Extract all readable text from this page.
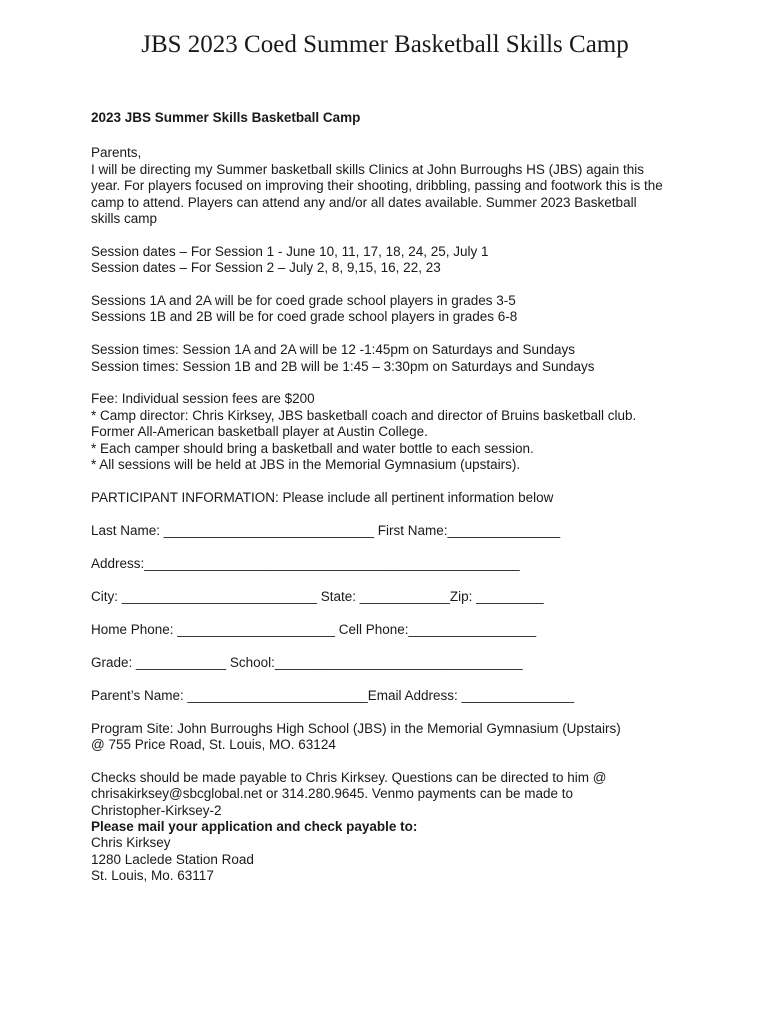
JBS 2023 Coed Summer Basketball Skills Camp

2023 JBS Summer Skills Basketball Camp

Parents,
I will be directing my Summer basketball skills Clinics at John Burroughs HS (JBS) again this
year. For players focused on improving their shooting, dribbling, passing and footwork this is the
camp to attend. Players can attend any and/or all dates available. Summer 2023 Basketball
skills camp

Session dates – For Session 1 - June 10, 11, 17, 18, 24, 25, July 1
Session dates – For Session 2 – July 2, 8, 9,15, 16, 22, 23

Sessions 1A and 2A will be for coed grade school players in grades 3-5
Sessions 1B and 2B will be for coed grade school players in grades 6-8

Session times: Session 1A and 2A will be 12 -1:45pm on Saturdays and Sundays
Session times: Session 1B and 2B will be 1:45 – 3:30pm on Saturdays and Sundays

Fee: Individual session fees are $200
* Camp director: Chris Kirksey, JBS basketball coach and director of Bruins basketball club.
Former All-American basketball player at Austin College.
* Each camper should bring a basketball and water bottle to each session.
* All sessions will be held at JBS in the Memorial Gymnasium (upstairs).

PARTICIPANT INFORMATION: Please include all pertinent information below

Last Name: ____________________________ First Name:_______________

Address:__________________________________________________

City: __________________________ State: ____________Zip: _________

Home Phone: _____________________ Cell Phone:_________________

Grade: ____________ School:_________________________________

Parent’s Name: ________________________Email Address: _______________

Program Site: John Burroughs High School (JBS) in the Memorial Gymnasium (Upstairs)
@ 755 Price Road, St. Louis, MO. 63124

Checks should be made payable to Chris Kirksey. Questions can be directed to him @
chrisakirksey@sbcglobal.net or 314.280.9645. Venmo payments can be made to
Christopher-Kirksey-2
Please mail your application and check payable to:
Chris Kirksey
1280 Laclede Station Road
St. Louis, Mo. 63117
